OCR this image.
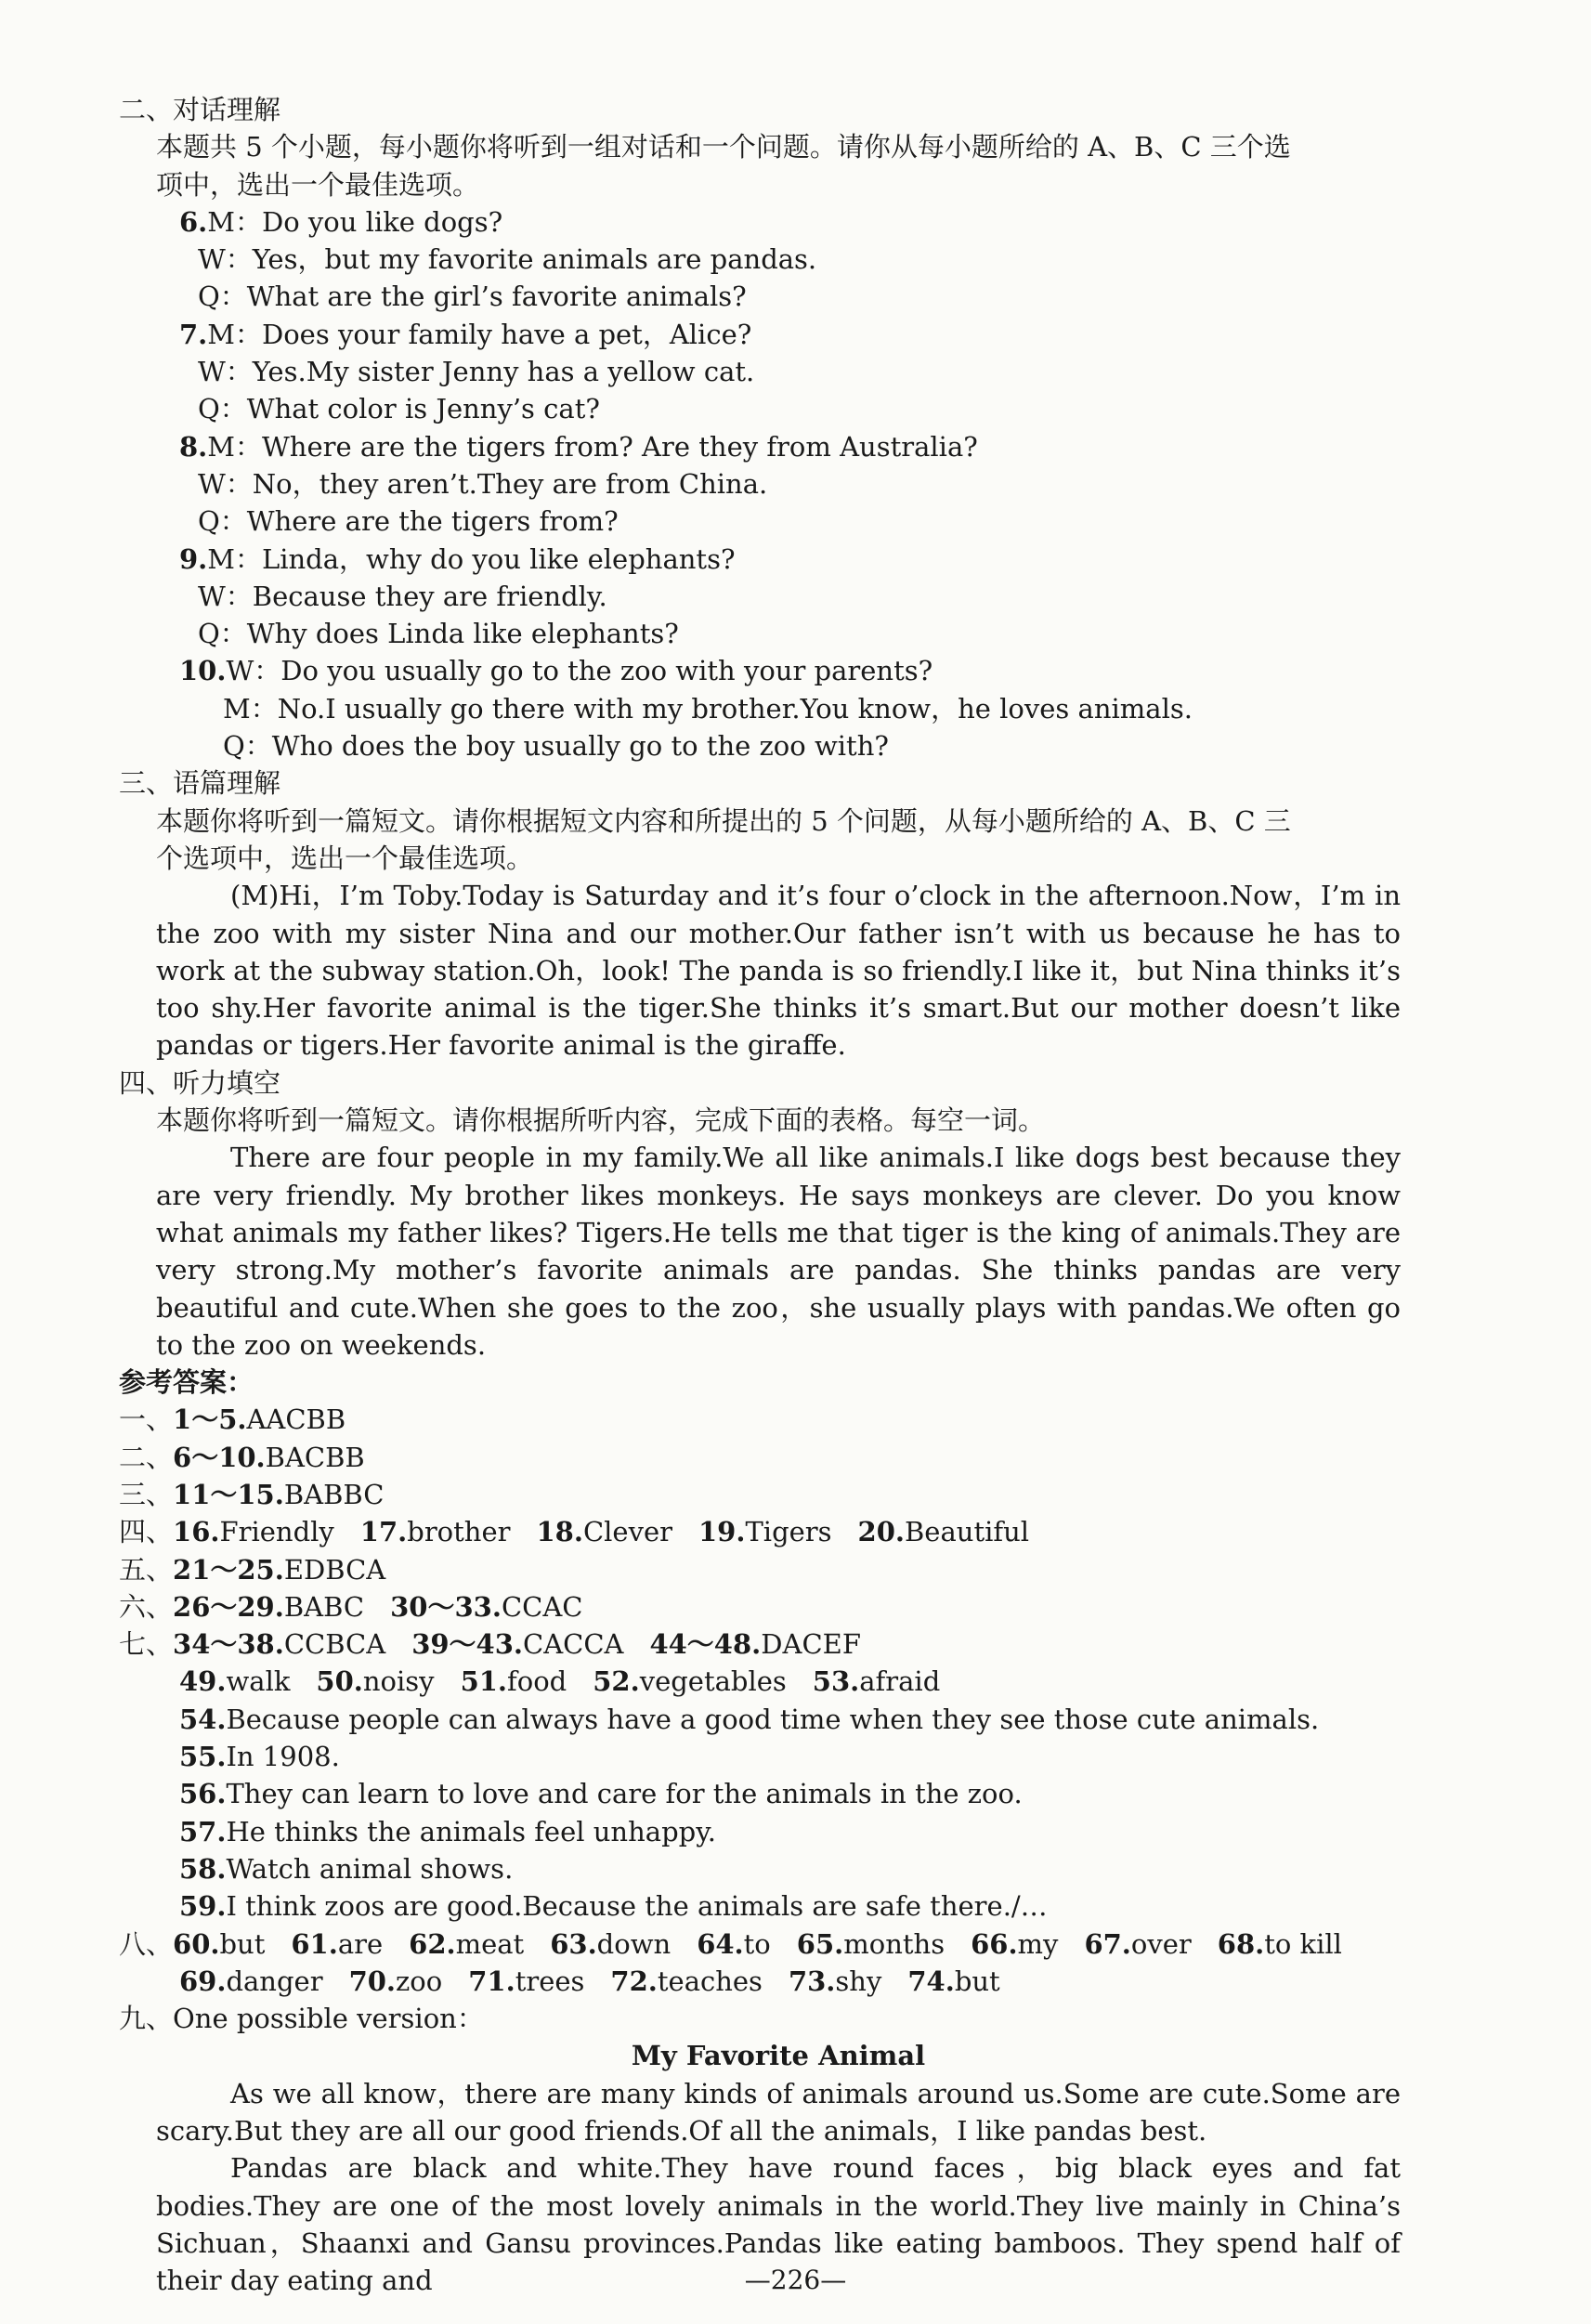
二、对话理解
本题共 5 个小题，每小题你将听到一组对话和一个问题。请你从每小题所给的 A、B、C 三个选
项中，选出一个最佳选项。
6.M：Do you like dogs?
W：Yes，but my favorite animals are pandas.
Q：What are the girl’s favorite animals?
7.M：Does your family have a pet，Alice?
W：Yes.My sister Jenny has a yellow cat.
Q：What color is Jenny’s cat?
8.M：Where are the tigers from? Are they from Australia?
W：No，they aren’t.They are from China.
Q：Where are the tigers from?
9.M：Linda，why do you like elephants?
W：Because they are friendly.
Q：Why does Linda like elephants?
10.W：Do you usually go to the zoo with your parents?
M：No.I usually go there with my brother.You know，he loves animals.
Q：Who does the boy usually go to the zoo with?
三、语篇理解
本题你将听到一篇短文。请你根据短文内容和所提出的 5 个问题，从每小题所给的 A、B、C 三
个选项中，选出一个最佳选项。
(M)Hi，I’m Toby.Today is Saturday and it’s four o’clock in the afternoon.Now，I’m in the zoo with my sister Nina and our mother.Our father isn’t with us because he has to work at the subway station.Oh，look! The panda is so friendly.I like it，but Nina thinks it’s too shy.Her favorite animal is the tiger.She thinks it’s smart.But our mother doesn’t like pandas or tigers.Her favorite animal is the giraffe.
四、听力填空
本题你将听到一篇短文。请你根据所听内容，完成下面的表格。每空一词。
There are four people in my family.We all like animals.I like dogs best because they are very friendly. My brother likes monkeys. He says monkeys are clever. Do you know what animals my father likes? Tigers.He tells me that tiger is the king of animals.They are very strong.My mother’s favorite animals are pandas. She thinks pandas are very beautiful and cute.When she goes to the zoo，she usually plays with pandas.We often go to the zoo on weekends.
参考答案：
一、1～5.AACBB
二、6～10.BACBB
三、11～15.BABBC
四、16.Friendly 17.brother 18.Clever 19.Tigers 20.Beautiful
五、21～25.EDBCA
六、26～29.BABC 30～33.CCAC
七、34～38.CCBCA 39～43.CACCA 44～48.DACEF
49.walk 50.noisy 51.food 52.vegetables 53.afraid
54.Because people can always have a good time when they see those cute animals.
55.In 1908.
56.They can learn to love and care for the animals in the zoo.
57.He thinks the animals feel unhappy.
58.Watch animal shows.
59.I think zoos are good.Because the animals are safe there./…
八、60.but 61.are 62.meat 63.down 64.to 65.months 66.my 67.over 68.to kill
69.danger 70.zoo 71.trees 72.teaches 73.shy 74.but
九、One possible version：
My Favorite Animal
As we all know，there are many kinds of animals around us.Some are cute.Some are scary.But they are all our good friends.Of all the animals，I like pandas best.
Pandas are black and white.They have round faces，big black eyes and fat bodies.They are one of the most lovely animals in the world.They live mainly in China’s Sichuan，Shaanxi and Gansu provinces.Pandas like eating bamboos. They spend half of their day eating and	—226—
